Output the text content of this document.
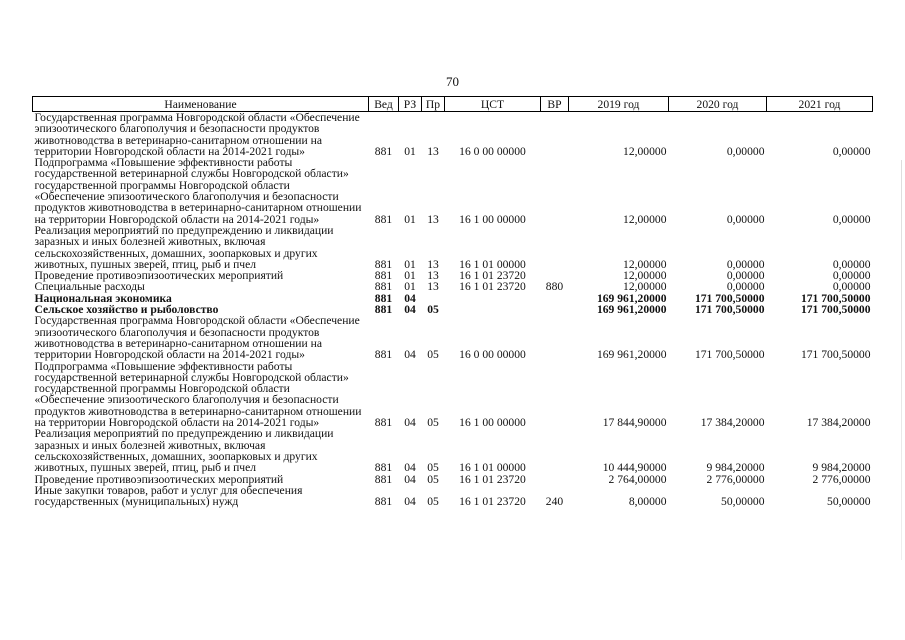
70
Наименование	Вед	РЗ	Пр	ЦСТ	ВР	2019 год	2020 год	2021 год
Государственная программа Новгородской области «Обеспечение эпизоотического благополучия и безопасности продуктов животноводства в ветеринарно-санитарном отношении на территории Новгородской области на 2014-2021 годы»	881	01	13	16 0 00 00000		12,00000	0,00000	0,00000
Подпрограмма «Повышение эффективности работы государственной ветеринарной службы Новгородской области» государственной программы Новгородской области «Обеспечение эпизоотического благополучия и безопасности продуктов животноводства в ветеринарно-санитарном отношении на территории Новгородской области на 2014-2021 годы»	881	01	13	16 1 00 00000		12,00000	0,00000	0,00000
Реализация мероприятий по предупреждению и ликвидации заразных и иных болезней животных, включая сельскохозяйственных, домашних, зоопарковых и других животных, пушных зверей, птиц, рыб и пчел	881	01	13	16 1 01 00000		12,00000	0,00000	0,00000
Проведение противоэпизоотических мероприятий	881	01	13	16 1 01 23720		12,00000	0,00000	0,00000
Специальные расходы	881	01	13	16 1 01 23720	880	12,00000	0,00000	0,00000
Национальная экономика	881	04				169 961,20000	171 700,50000	171 700,50000
Сельское хозяйство и рыболовство	881	04	05			169 961,20000	171 700,50000	171 700,50000
Государственная программа Новгородской области «Обеспечение эпизоотического благополучия и безопасности продуктов животноводства в ветеринарно-санитарном отношении на территории Новгородской области на 2014-2021 годы»	881	04	05	16 0 00 00000		169 961,20000	171 700,50000	171 700,50000
Подпрограмма «Повышение эффективности работы государственной ветеринарной службы Новгородской области» государственной программы Новгородской области «Обеспечение эпизоотического благополучия и безопасности продуктов животноводства в ветеринарно-санитарном отношении на территории Новгородской области на 2014-2021 годы»	881	04	05	16 1 00 00000		17 844,90000	17 384,20000	17 384,20000
Реализация мероприятий по предупреждению и ликвидации заразных и иных болезней животных, включая сельскохозяйственных, домашних, зоопарковых и других животных, пушных зверей, птиц, рыб и пчел	881	04	05	16 1 01 00000		10 444,90000	9 984,20000	9 984,20000
Проведение противоэпизоотических мероприятий	881	04	05	16 1 01 23720		2 764,00000	2 776,00000	2 776,00000
Иные закупки товаров, работ и услуг для обеспечения государственных (муниципальных) нужд	881	04	05	16 1 01 23720	240	8,00000	50,00000	50,00000
